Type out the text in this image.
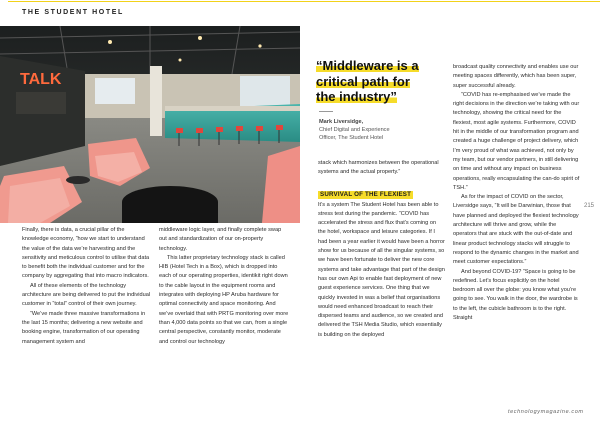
THE STUDENT HOTEL
TALK

Finally, there is data, a crucial pillar of the knowledge economy, “how we start to understand the value of the data we’re harvesting and the sensitivity and meticulous control to utilise that data to benefit both the individual customer and for the company by aggregating that into macro indicators.

All of these elements of the technology architecture are being delivered to put the individual customer in “total” control of their own journey.

“We’ve made three massive transformations in the last 15 months; delivering a new website and booking engine, transformation of our operating management system and

middleware logic layer, and finally complete swap out and standardization of our on-property technology.

This latter proprietary technology stack is called HIB (Hotel Tech in a Box), which is dropped into each of our operating properties, identikit right down to the cable layout in the equipment rooms and integrates with deploying HP Aruba hardware for optimal connectivity and space monitoring. And we’ve overlaid that with PRTG monitoring over more than 4,000 data points so that we can, from a single central perspective, constantly monitor, moderate and control our technology

“Middleware is a
critical path for
the industry”
Mark Liversidge,
Chief Digital and Experience
Officer, The Student Hotel

stack which harmonizes between the operational systems and the actual property.”

SURVIVAL OF THE FLEXIEST

It’s a system The Student Hotel has been able to stress test during the pandemic. “COVID has accelerated the stress and flux that’s coming on the hotel, workspace and leisure categories. If I had been a year earlier it would have been a horror show for us because of all the singular systems, so we have been fortunate to deliver the new core systems and take advantage that part of the design has our own Api to enable fast deployment of new guest experience services. One thing that we quickly invested in was a belief that organisations would need enhanced broadcast to reach their dispersed teams and audience, so we created and delivered the TSH Media Studio, which essentially is building on the deployed

broadcast quality connectivity and enables use our meeting spaces differently, which has been super, super successful already.

“COVID has re-emphasised we’ve made the right decisions in the direction we’re taking with our technology, showing the critical need for the flexiest, most agile systems. Furthermore, COVID hit in the middle of our transformation program and created a huge challenge of project delivery, which I’m very proud of what was achieved, not only by my team, but our vendor partners, in still delivering on time and without any impact on business operations, really encapsulating the can-do spirit of TSH.”

As for the impact of COVID on the sector, Liversidge says, “It will be Darwinian, those that have planned and deployed the flexiest technology architecture will thrive and grow, while the operators that are stuck with the out-of-date and linear product technology stacks will struggle to respond to the dynamic changes in the market and meet customer expectations.”

And beyond COVID-19? “Space is going to be redefined. Let’s focus explicitly on the hotel bedroom all over the globe: you know what you’re going to see. You walk in the door, the wardrobe is to the left, the cubicle bathroom is to the right. Straight

215
technologymagazine.com
